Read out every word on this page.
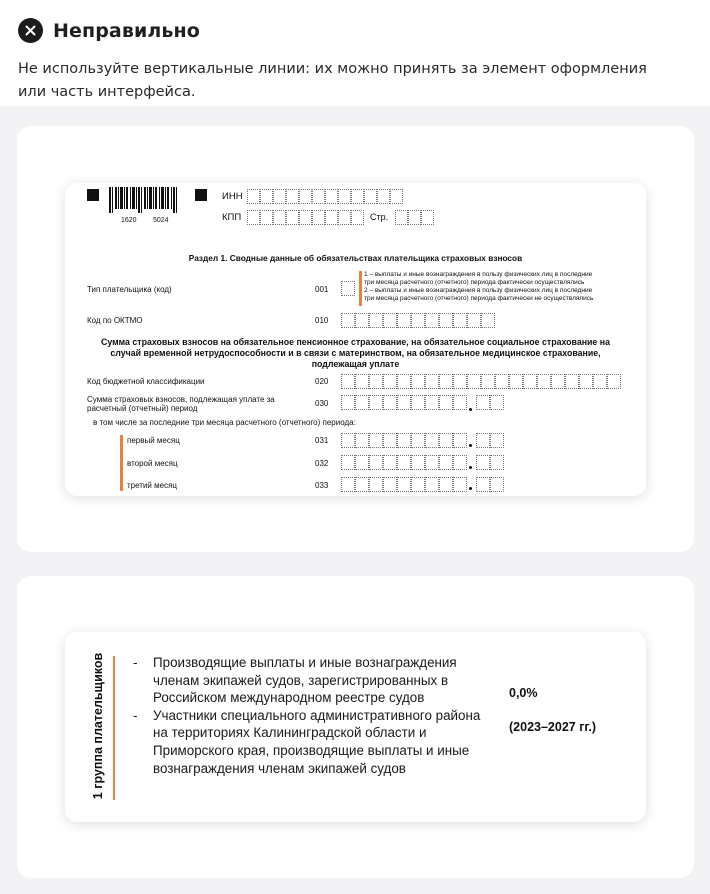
Неправильно
Не используйте вертикальные линии: их можно принять за элемент оформления или часть интерфейса.
1620 5024
ИНН
КПП	Стр.
Раздел 1. Сводные данные об обязательствах плательщика страховых взносов
Тип плательщика (код)	001
1 – выплаты и иные вознаграждения в пользу физических лиц в последние
три месяца расчетного (отчетного) периода фактически осуществлялись
2 – выплаты и иные вознаграждения в пользу физических лиц в последние
три месяца расчетного (отчетного) периода фактически не осуществлялись
Код по ОКТМО	010
Сумма страховых взносов на обязательное пенсионное страхование, на обязательное социальное страхование на случай временной нетрудоспособности и в связи с материнством, на обязательное медицинское страхование, подлежащая уплате
Код бюджетной классификации	020
Сумма страховых взносов, подлежащая уплате за
расчетный (отчетный) период
030
в том числе за последние три месяца расчетного (отчетного) периода:
первый месяц	031
второй месяц	032
третий месяц	033
1 группа плательщиков - Производящие выплаты и иные вознаграждения членам экипажей судов, зарегистрированных в Российском международном реестре судов
- Участники специального административного района на территориях Калининградской области и Приморского края, производящие выплаты и иные вознаграждения членам экипажей судов
0,0%
(2023–2027 гг.)
